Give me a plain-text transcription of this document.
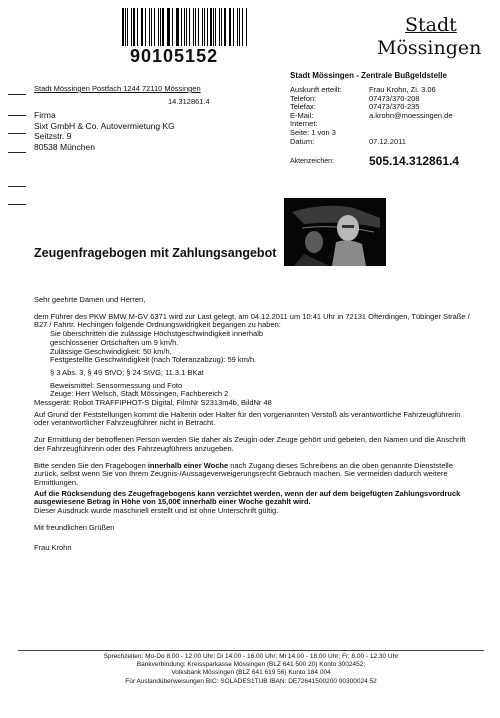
90105152
Stadt
Mössingen
Stadt Mössingen Postfach 1244 72110 Mössingen
14.312861.4
Firma
Sixt GmbH & Co. Autovermietung KG
Seitzstr. 9
80538 München
Stadt Mössingen - Zentrale Bußgeldstelle
Auskunft erteilt:	Frau Krohn, Zi. 3.06
Telefon:	07473/370-208
Telefax:	07473/370-235
E-Mail:	a.krohn@moessingen.de
Internet:
Seite: 1 von 3
Datum:	07.12.2011
Aktenzeichen:	505.14.312861.4
Zeugenfragebogen mit Zahlungsangebot

Sehr geehrte Damen und Herren,

dem Führer des PKW BMW M-GV 6371 wird zur Last gelegt, am 04.12.2011 um 10:41 Uhr in 72131 Ofterdingen, Tübinger Straße / B27 / Fahrtr. Hechingen folgende Ordnungswidrigkeit begangen zu haben:

Sie überschritten die zulässige Höchstgeschwindigkeit innerhalb

geschlossener Ortschaften um 9 km/h.

Zulässige Geschwindigkeit: 50 km/h.

Festgestellte Geschwindigkeit (nach Toleranzabzug): 59 km/h.

§ 3 Abs. 3, § 49 StVO; § 24 StVG; 11.3.1 BKat

Beweismittel: Sensormessung und Foto

Zeuge: Herr Welsch, Stadt Mössingen, Fachbereich 2

Messgerät: Robot TRAFFIPHOT-S Digital, FilmNr S2313m4b, BildNr 48

Auf Grund der Feststellungen kommt die Halterin oder Halter für den vorgenannten Verstoß als verantwortliche Fahrzeugführerin oder verantwortlicher Fahrzeugführer nicht in Betracht.

Zur Ermittlung der betroffenen Person werden Sie daher als Zeugin oder Zeuge gehört und gebeten, den Namen und die Anschrift der Fahrzeugführerin oder des Fahrzeugführers anzugeben.

Bitte senden Sie den Fragebogen innerhalb einer Woche nach Zugang dieses Schreibens an die oben genannte Dienststelle zurück, selbst wenn Sie von Ihrem Zeugnis-/Aussageverweigerungsrecht Gebrauch machen. Sie vermeiden dadurch weitere Ermittlungen.

Auf die Rücksendung des Zeugefragebogens kann verzichtet werden, wenn der auf dem beigefügten Zahlungsvordruck ausgewiesene Betrag in Höhe von 15,00€ innerhalb einer Woche gezahlt wird.

Dieser Ausdruck wurde maschinell erstellt und ist ohne Unterschrift gültig.

Mit freundlichen Grüßen

Frau Krohn

Sprechzeiten: Mo-Do 8.00 - 12.00 Uhr; Di 14.00 - 16.00 Uhr; Mi 14.00 - 18.00 Uhr; Fr. 8.00 - 12.30 Uhr
Bankverbindung: Kreissparkasse Mössingen (BLZ 641 500 20) Konto 3002452;
Volksbank Mössingen (BLZ 641 619 56) Konto 184 004
Für Auslandüberweisungen BIC: SOLADES1TUB IBAN: DE72641500200 00300024 52
